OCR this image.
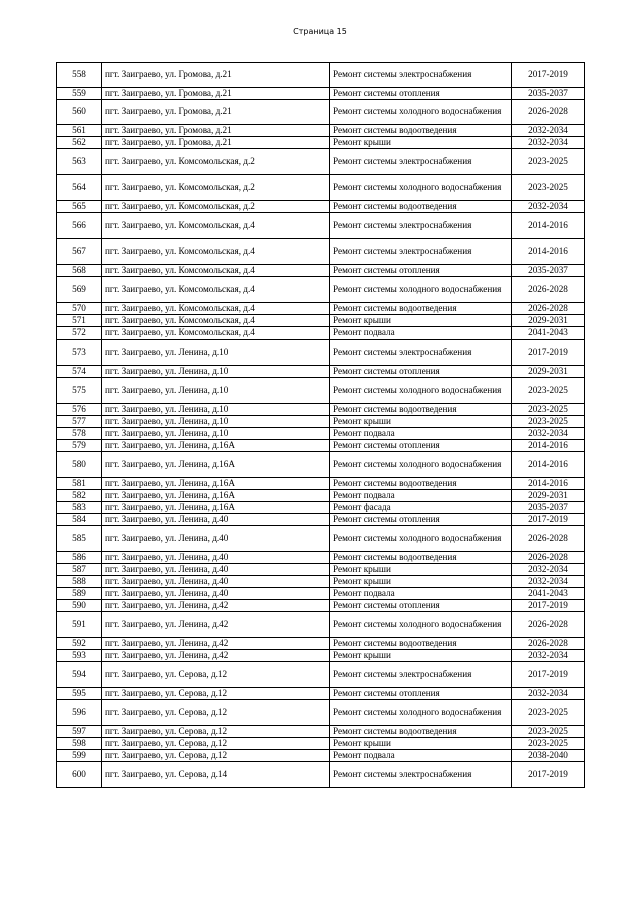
Страница 15
558	пгт. Заиграево, ул. Громова, д.21	Ремонт системы электроснабжения	2017-2019
559	пгт. Заиграево, ул. Громова, д.21	Ремонт системы отопления	2035-2037
560	пгт. Заиграево, ул. Громова, д.21	Ремонт системы холодного водоснабжения	2026-2028
561	пгт. Заиграево, ул. Громова, д.21	Ремонт системы водоотведения	2032-2034
562	пгт. Заиграево, ул. Громова, д.21	Ремонт крыши	2032-2034
563	пгт. Заиграево, ул. Комсомольская, д.2	Ремонт системы электроснабжения	2023-2025
564	пгт. Заиграево, ул. Комсомольская, д.2	Ремонт системы холодного водоснабжения	2023-2025
565	пгт. Заиграево, ул. Комсомольская, д.2	Ремонт системы водоотведения	2032-2034
566	пгт. Заиграево, ул. Комсомольская, д.4	Ремонт системы электроснабжения	2014-2016
567	пгт. Заиграево, ул. Комсомольская, д.4	Ремонт системы электроснабжения	2014-2016
568	пгт. Заиграево, ул. Комсомольская, д.4	Ремонт системы отопления	2035-2037
569	пгт. Заиграево, ул. Комсомольская, д.4	Ремонт системы холодного водоснабжения	2026-2028
570	пгт. Заиграево, ул. Комсомольская, д.4	Ремонт системы водоотведения	2026-2028
571	пгт. Заиграево, ул. Комсомольская, д.4	Ремонт крыши	2029-2031
572	пгт. Заиграево, ул. Комсомольская, д.4	Ремонт подвала	2041-2043
573	пгт. Заиграево, ул. Ленина, д.10	Ремонт системы электроснабжения	2017-2019
574	пгт. Заиграево, ул. Ленина, д.10	Ремонт системы отопления	2029-2031
575	пгт. Заиграево, ул. Ленина, д.10	Ремонт системы холодного водоснабжения	2023-2025
576	пгт. Заиграево, ул. Ленина, д.10	Ремонт системы водоотведения	2023-2025
577	пгт. Заиграево, ул. Ленина, д.10	Ремонт крыши	2023-2025
578	пгт. Заиграево, ул. Ленина, д.10	Ремонт подвала	2032-2034
579	пгт. Заиграево, ул. Ленина, д.16А	Ремонт системы отопления	2014-2016
580	пгт. Заиграево, ул. Ленина, д.16А	Ремонт системы холодного водоснабжения	2014-2016
581	пгт. Заиграево, ул. Ленина, д.16А	Ремонт системы водоотведения	2014-2016
582	пгт. Заиграево, ул. Ленина, д.16А	Ремонт подвала	2029-2031
583	пгт. Заиграево, ул. Ленина, д.16А	Ремонт фасада	2035-2037
584	пгт. Заиграево, ул. Ленина, д.40	Ремонт системы отопления	2017-2019
585	пгт. Заиграево, ул. Ленина, д.40	Ремонт системы холодного водоснабжения	2026-2028
586	пгт. Заиграево, ул. Ленина, д.40	Ремонт системы водоотведения	2026-2028
587	пгт. Заиграево, ул. Ленина, д.40	Ремонт крыши	2032-2034
588	пгт. Заиграево, ул. Ленина, д.40	Ремонт крыши	2032-2034
589	пгт. Заиграево, ул. Ленина, д.40	Ремонт подвала	2041-2043
590	пгт. Заиграево, ул. Ленина, д.42	Ремонт системы отопления	2017-2019
591	пгт. Заиграево, ул. Ленина, д.42	Ремонт системы холодного водоснабжения	2026-2028
592	пгт. Заиграево, ул. Ленина, д.42	Ремонт системы водоотведения	2026-2028
593	пгт. Заиграево, ул. Ленина, д.42	Ремонт крыши	2032-2034
594	пгт. Заиграево, ул. Серова, д.12	Ремонт системы электроснабжения	2017-2019
595	пгт. Заиграево, ул. Серова, д.12	Ремонт системы отопления	2032-2034
596	пгт. Заиграево, ул. Серова, д.12	Ремонт системы холодного водоснабжения	2023-2025
597	пгт. Заиграево, ул. Серова, д.12	Ремонт системы водоотведения	2023-2025
598	пгт. Заиграево, ул. Серова, д.12	Ремонт крыши	2023-2025
599	пгт. Заиграево, ул. Серова, д.12	Ремонт подвала	2038-2040
600	пгт. Заиграево, ул. Серова, д.14	Ремонт системы электроснабжения	2017-2019
